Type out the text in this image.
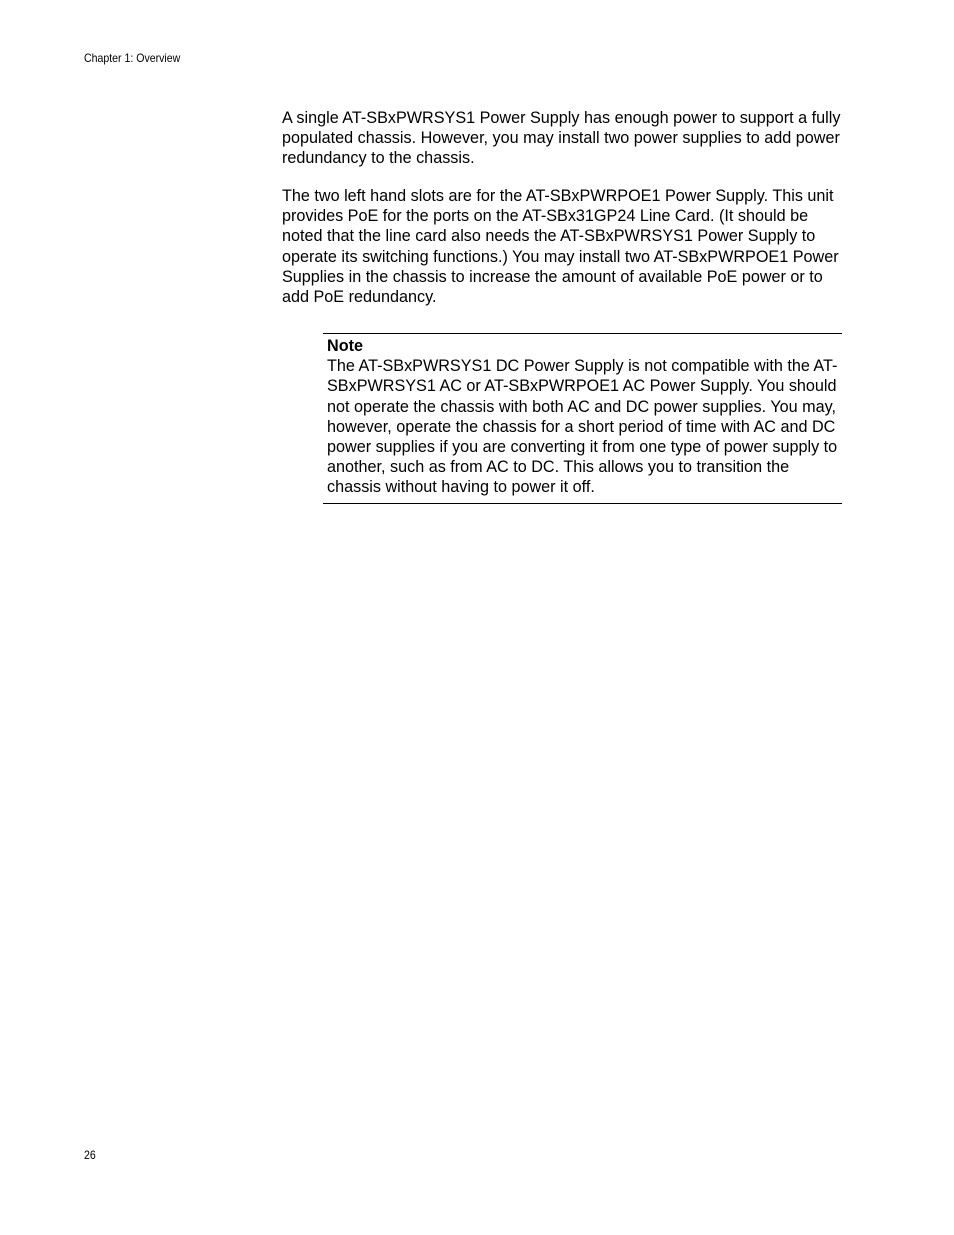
Chapter 1: Overview

A single AT-SBxPWRSYS1 Power Supply has enough power to support a fully populated chassis. However, you may install two power supplies to add power redundancy to the chassis.

The two left hand slots are for the AT-SBxPWRPOE1 Power Supply. This unit provides PoE for the ports on the AT-SBx31GP24 Line Card. (It should be noted that the line card also needs the AT-SBxPWRSYS1 Power Supply to operate its switching functions.) You may install two AT-SBxPWRPOE1 Power Supplies in the chassis to increase the amount of available PoE power or to add PoE redundancy.

Note

The AT-SBxPWRSYS1 DC Power Supply is not compatible with the AT-SBxPWRSYS1 AC or AT-SBxPWRPOE1 AC Power Supply. You should not operate the chassis with both AC and DC power supplies. You may, however, operate the chassis for a short period of time with AC and DC power supplies if you are converting it from one type of power supply to another, such as from AC to DC. This allows you to transition the chassis without having to power it off.

26
